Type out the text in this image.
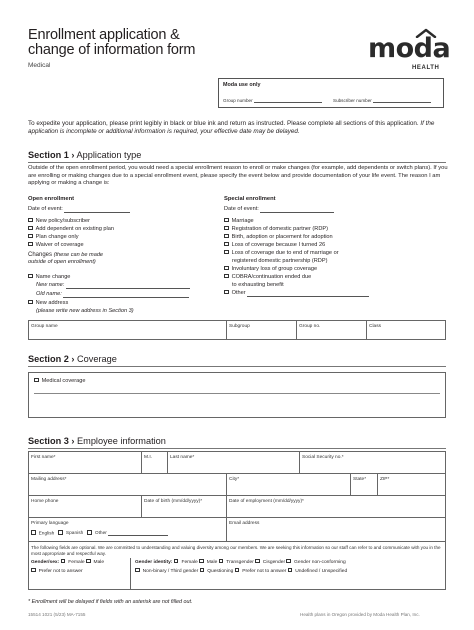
Enrollment application &
change of information form
Medical
moda
HEALTH
Moda use only
Group number	Subscriber number
To expedite your application, please print legibly in black or blue ink and return as instructed. Please complete all sections of this application. If the application is incomplete or additional information is required, your effective date may be delayed.
Section 1 › Application type
Outside of the open enrollment period, you would need a special enrollment reason to enroll or make changes (for example, add dependents or switch plans). If you are enrolling or making changes due to a special enrollment event, please specify the event below and provide documentation of your life event. The reason I am applying or making a change is:
Open enrollment
Date of event:
New policy/subscriber
Add dependent on existing plan
Plan change only
Waiver of coverage
Changes (these can be made
outside of open enrollment)
Name change
New name:
Old name:
New address
(please write new address in Section 3)
Special enrollment
Date of event:
Marriage
Registration of domestic partner (RDP)
Birth, adoption or placement for adoption
Loss of coverage because I turned 26
Loss of coverage due to end of marriage or
registered domestic partnership (RDP)
Involuntary loss of group coverage
COBRA/continuation ended due
to exhausting benefit
Other
Group name	Subgroup	Group no.	Class
Section 2 › Coverage
Medical coverage
Section 3 › Employee information
First name*	M.I.	Last name*	Social Security no.*
Mailing address*	City*	State*	ZIP*
Home phone	Date of birth (mm/dd/yyyy)*	Date of employment (mm/dd/yyyy)*
Primary language
English Spanish Other
Email address
The following fields are optional. We are committed to understanding and valuing diversity among our members. We are seeking this information so our staff can refer to and communicate with you in the most appropriate and respectful way.
Gender/sex: Female Male
Prefer not to answer
Gender identity: Female Male Transgender Cisgender Gender non-conforming
Non-binary / Third gender Questioning Prefer not to answer Undefined / Unspecified
* Enrollment will be delayed if fields with an asterisk are not filled out.
15514 1021 (5/23) MA-7155	Health plans in Oregon provided by Moda Health Plan, Inc.
